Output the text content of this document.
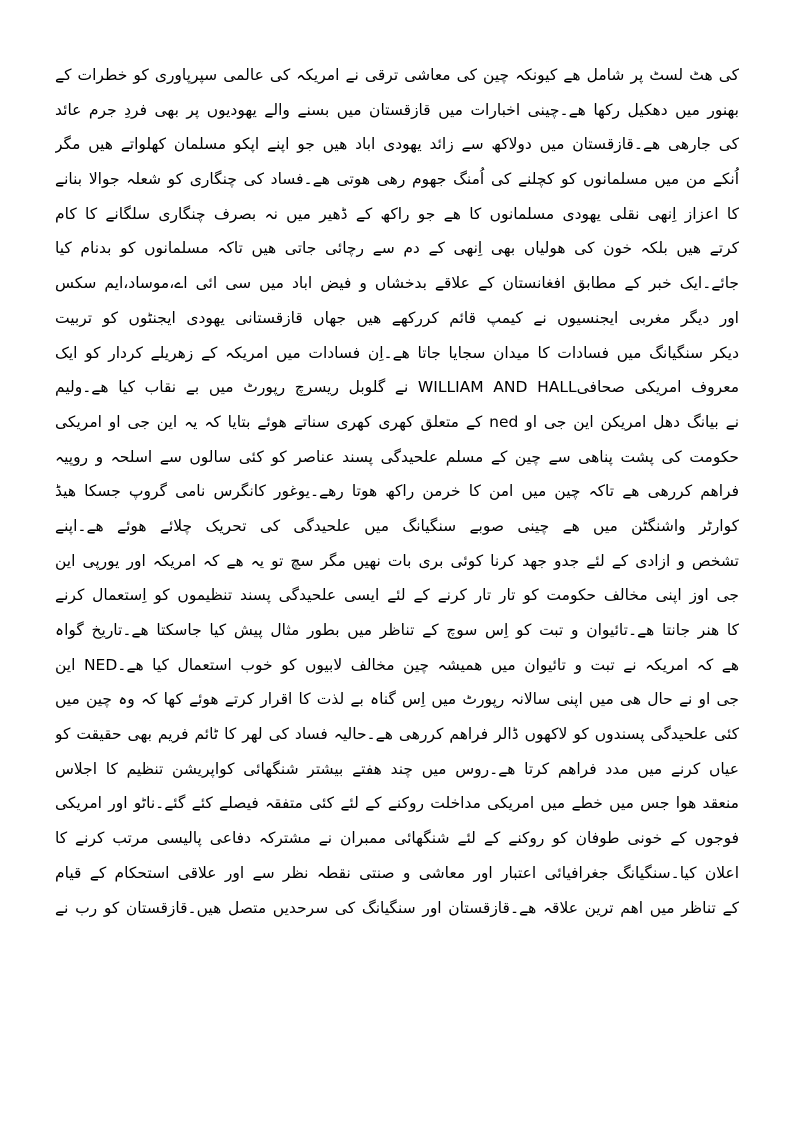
کی ھٹ لسٹ پر شامل ھے کیونکہ چین کی معاشی ترقی نے امریکہ کی عالمی سپرپاوری کو خطرات کے
بھنور میں دھکیل رکھا ھے۔چینی اخبارات میں قازقستان میں بسنے والے یھودیوں پر بھی فردِ جرم عائد
کی جارھی ھے۔قازقستان میں دولاکھ سے زائد یھودی اباد ھیں جو اپنے اپکو مسلمان کھلواتے ھیں مگر
اُنکے من میں مسلمانوں کو کچلنے کی اُمنگ جھوم رھی ھوتی ھے۔فساد کی چنگاری کو شعلہ جوالا بنانے
کا اعزاز اِنھی نقلی یھودی مسلمانوں کا ھے جو راکھ کے ڈھیر میں نہ بصرف چنگاری سلگانے کا کام
کرتے ھیں بلکہ خون کی ھولیاں بھی اِنھی کے دم سے رچائی جاتی ھیں تاکہ مسلمانوں کو بدنام کیا
جائے۔ایک خبر کے مطابق افغانستان کے علاقے بدخشاں و فیض اباد میں سی ائی اے،موساد،ایم سکس
اور دیگر مغربی ایجنسیوں نے کیمپ قائم کررکھے ھیں جھاں قازقستانی یھودی ایجنٹوں کو تربیت
دیکر سنگیانگ میں فسادات کا میدان سجایا جاتا ھے۔اِن فسادات میں امریکہ کے زھریلے کردار کو ایک
معروف امریکی صحافیWILLIAM AND HALL نے گلوبل ریسرچ رپورٹ میں بے نقاب کیا ھے۔ولیم
نے بیانگ دھل امریکن این جی او ned کے متعلق کھری کھری سناتے ھوئے بتایا کہ یہ این جی او امریکی
حکومت کی پشت پناھی سے چین کے مسلم علحیدگی پسند عناصر کو کئی سالوں سے اسلحہ و روپیہ
فراھم کررھی ھے تاکہ چین میں امن کا خرمن راکھ ھوتا رھے۔یوغور کانگرس نامی گروپ جسکا ھیڈ
کوارٹر واشنگٹن میں ھے چینی صوبے سنگیانگ میں علحیدگی کی تحریک چلائے ھوئے ھے۔اپنے
تشخص و ازادی کے لئے جدو جھد کرنا کوئی بری بات نھیں مگر سچ تو یہ ھے کہ امریکہ اور یورپی این
جی اوز اپنی مخالف حکومت کو تار تار کرنے کے لئے ایسی علحیدگی پسند تنظیموں کو اِستعمال کرنے
کا ھنر جانتا ھے۔تائیوان و تبت کو اِس سوچ کے تناظر میں بطور مثال پیش کیا جاسکتا ھے۔تاریخ گواہ
ھے کہ امریکہ نے تبت و تائیوان میں ھمیشہ چین مخالف لابیوں کو خوب استعمال کیا ھے۔NED این
جی او نے حال ھی میں اپنی سالانہ رپورٹ میں اِس گناہ بے لذت کا اقرار کرتے ھوئے کھا کہ وہ چین میں
کئی علحیدگی پسندوں کو لاکھوں ڈالر فراھم کررھی ھے۔حالیہ فساد کی لھر کا ٹائم فریم بھی حقیقت کو
عیاں کرنے میں مدد فراھم کرتا ھے۔روس میں چند ھفتے بیشتر شنگھائی کواپریشن تنظیم کا اجلاس
منعقد ھوا جس میں خطے میں امریکی مداخلت روکنے کے لئے کئی متفقہ فیصلے کئے گئے۔ناٹو اور امریکی
فوجوں کے خونی طوفان کو روکنے کے لئے شنگھائی ممبران نے مشترکہ دفاعی پالیسی مرتب کرنے کا
اعلان کیا۔سنگیانگ جغرافیائی اعتبار اور معاشی و صنتی نقطہ نظر سے اور علاقی استحکام کے قیام
کے تناظر میں اھم ترین علاقہ ھے۔قازقستان اور سنگیانگ کی سرحدیں متصل ھیں۔قازقستان کو رب نے
